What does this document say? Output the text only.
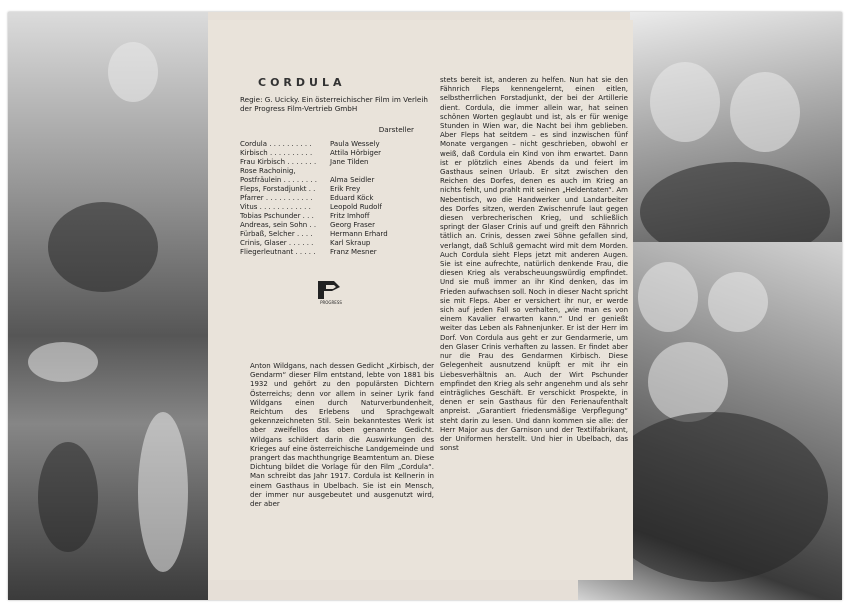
CORDULA
Regie: G. Ucicky. Ein österreichischer Film im Verleih der Progress Film-Vertrieb GmbH
Darsteller
Cordula . . . . . . . . . .	Paula Wessely
Kirbisch . . . . . . . . . .	Attila Hörbiger
Frau Kirbisch . . . . . . .	Jane Tilden
Rose Rachoinig,
Postfräulein . . . . . . . .	Alma Seidler
Fleps, Forstadjunkt . .	Erik Frey
Pfarrer . . . . . . . . . . .	Eduard Köck
Vitus . . . . . . . . . . . .	Leopold Rudolf
Tobias Pschunder . . .	Fritz Imhoff
Andreas, sein Sohn . .	Georg Fraser
Fürbaß, Selcher . . . .	Hermann Erhard
Crinis, Glaser . . . . . .	Karl Skraup
Fliegerleutnant . . . . .	Franz Mesner
PROGRESS

Anton Wildgans, nach dessen Gedicht „Kirbisch, der Gendarm“ dieser Film entstand, lebte von 1881 bis 1932 und gehört zu den populärsten Dichtern Österreichs; denn vor allem in seiner Lyrik fand Wildgans einen durch Naturverbundenheit, Reichtum des Erlebens und Sprachgewalt gekennzeichneten Stil. Sein bekanntestes Werk ist aber zweifellos das oben genannte Gedicht. Wildgans schildert darin die Auswirkungen des Krieges auf eine österreichische Landgemeinde und prangert das machthungrige Beamtentum an. Diese Dichtung bildet die Vorlage für den Film „Cordula“. Man schreibt das Jahr 1917. Cordula ist Kellnerin in einem Gasthaus in Ubelbach. Sie ist ein Mensch, der immer nur ausgebeutet und ausgenutzt wird, der aber

stets bereit ist, anderen zu helfen. Nun hat sie den Fähnrich Fleps kennengelernt, einen eitlen, selbstherrlichen Forstadjunkt, der bei der Artillerie dient. Cordula, die immer allein war, hat seinen schönen Worten geglaubt und ist, als er für wenige Stunden in Wien war, die Nacht bei ihm geblieben. Aber Fleps hat seitdem – es sind inzwischen fünf Monate vergangen – nicht geschrieben, obwohl er weiß, daß Cordula ein Kind von ihm erwartet. Dann ist er plötzlich eines Abends da und feiert im Gasthaus seinen Urlaub. Er sitzt zwischen den Reichen des Dorfes, denen es auch im Krieg an nichts fehlt, und prahlt mit seinen „Heldentaten“. Am Nebentisch, wo die Handwerker und Landarbeiter des Dorfes sitzen, werden Zwischenrufe laut gegen diesen verbrecherischen Krieg, und schließlich springt der Glaser Crinis auf und greift den Fähnrich tätlich an. Crinis, dessen zwei Söhne gefallen sind, verlangt, daß Schluß gemacht wird mit dem Morden. Auch Cordula sieht Fleps jetzt mit anderen Augen. Sie ist eine aufrechte, natürlich denkende Frau, die diesen Krieg als verabscheuungswürdig empfindet. Und sie muß immer an ihr Kind denken, das im Frieden aufwachsen soll. Noch in dieser Nacht spricht sie mit Fleps. Aber er versichert ihr nur, er werde sich auf jeden Fall so verhalten, „wie man es von einem Kavalier erwarten kann.“ Und er genießt weiter das Leben als Fahnenjunker. Er ist der Herr im Dorf. Von Cordula aus geht er zur Gendarmerie, um den Glaser Crinis verhaften zu lassen. Er findet aber nur die Frau des Gendarmen Kirbisch. Diese Gelegenheit ausnutzend knüpft er mit ihr ein Liebesverhältnis an. Auch der Wirt Pschunder empfindet den Krieg als sehr angenehm und als sehr einträgliches Geschäft. Er verschickt Prospekte, in denen er sein Gasthaus für den Ferienaufenthalt anpreist. „Garantiert friedensmäßige Verpflegung“ steht darin zu lesen. Und dann kommen sie alle: der Herr Major aus der Garnison und der Textilfabrikant, der Uniformen herstellt. Und hier in Ubelbach, das sonst
